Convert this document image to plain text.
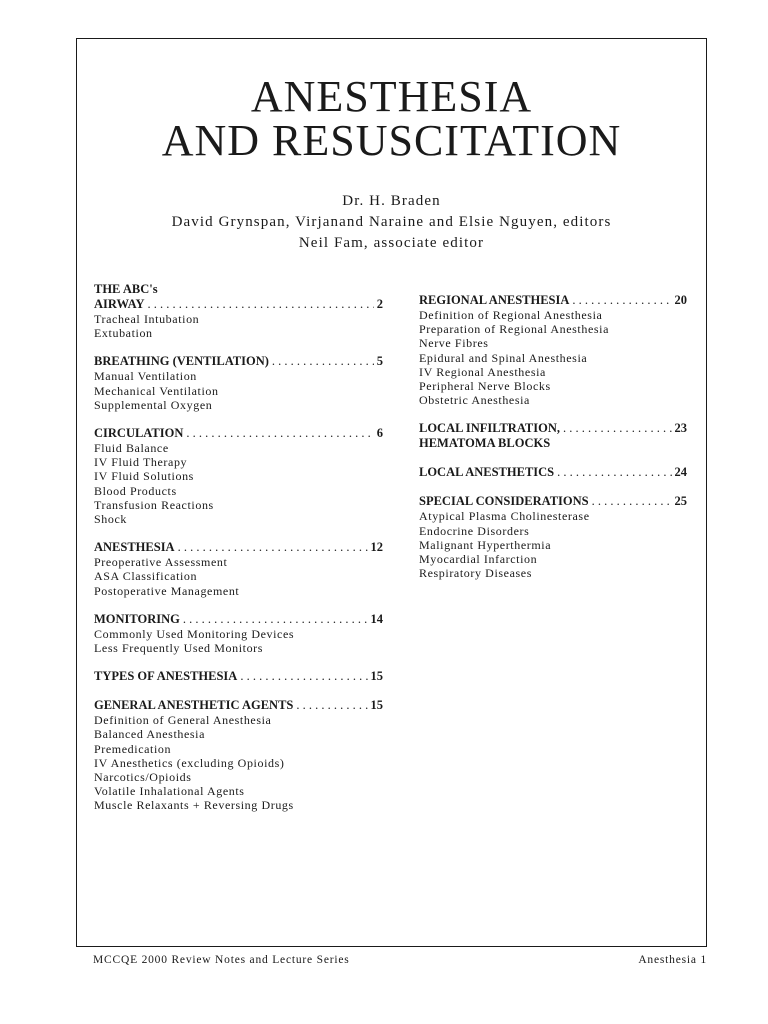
ANESTHESIA
AND RESUSCITATION
Dr. H. Braden
David Grynspan, Virjanand Naraine and Elsie Nguyen, editors
Neil Fam, associate editor
THE ABC's
AIRWAY . . .	2
Tracheal Intubation
Extubation
BREATHING (VENTILATION) . . .	5
Manual Ventilation
Mechanical Ventilation
Supplemental Oxygen
CIRCULATION . . .	6
Fluid Balance
IV Fluid Therapy
IV Fluid Solutions
Blood Products
Transfusion Reactions
Shock
ANESTHESIA . . .	12
Preoperative Assessment
ASA Classification
Postoperative Management
MONITORING . . .	14
Commonly Used Monitoring Devices
Less Frequently Used Monitors
TYPES OF ANESTHESIA . . .	15
GENERAL ANESTHETIC AGENTS . . .	15
Definition of General Anesthesia
Balanced Anesthesia
Premedication
IV Anesthetics (excluding Opioids)
Narcotics/Opioids
Volatile Inhalational Agents
Muscle Relaxants + Reversing Drugs
REGIONAL ANESTHESIA . . .	20
Definition of Regional Anesthesia
Preparation of Regional Anesthesia
Nerve Fibres
Epidural and Spinal Anesthesia
IV Regional Anesthesia
Peripheral Nerve Blocks
Obstetric Anesthesia
LOCAL INFILTRATION, . . .	23
HEMATOMA BLOCKS
LOCAL ANESTHETICS . . .	24
SPECIAL CONSIDERATIONS . . .	25
Atypical Plasma Cholinesterase
Endocrine Disorders
Malignant Hyperthermia
Myocardial Infarction
Respiratory Diseases
MCCQE 2000 Review Notes and Lecture Series	Anesthesia 1
